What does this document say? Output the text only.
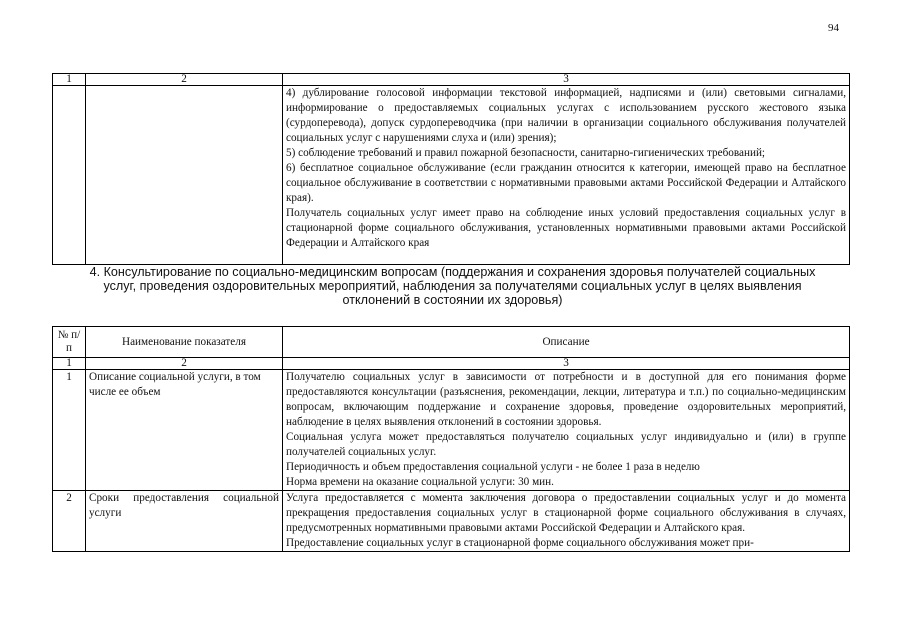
94
1	2	3

		4) дублирование голосовой информации текстовой информацией, надписями и (или) световыми сигналами, информирование о предоставляемых социальных услугах с использованием русского жестового языка (сурдоперевода), допуск сурдопереводчика (при наличии в организации социального обслуживания получателей социальных услуг с нарушениями слуха и (или) зрения);

5) соблюдение требований и правил пожарной безопасности, санитарно-гигиенических требований;

6) бесплатное социальное обслуживание (если гражданин относится к категории, имеющей право на бесплатное социальное обслуживание в соответствии с нормативными правовыми актами Российской Федерации и Алтайского края).

Получатель социальных услуг имеет право на соблюдение иных условий предоставления социальных услуг в стационарной форме социального обслуживания, установленных нормативными правовыми актами Российской Федерации и Алтайского края

4. Консультирование по социально-медицинским вопросам (поддержания и сохранения здоровья получателей социальных услуг, проведения оздоровительных мероприятий, наблюдения за получателями социальных услуг в целях выявления отклонений в состоянии их здоровья)
№ п/п	Наименование показателя	Описание
1	2	3
1	Описание социальной услуги, в том числе ее объем	Получателю социальных услуг в зависимости от потребности и в доступной для его понимания форме предоставляются консультации (разъяснения, рекомендации, лекции, литература и т.п.) по социально-медицинским вопросам, включающим поддержание и сохранение здоровья, проведение оздоровительных мероприятий, наблюдение в целях выявления отклонений в состоянии здоровья.

Социальная услуга может предоставляться получателю социальных услуг индивидуально и (или) в группе получателей социальных услуг.

Периодичность и объем предоставления социальной услуги - не более 1 раза в неделю

Норма времени на оказание социальной услуги: 30 мин.

2	Сроки предоставления социальной услуги	Услуга предоставляется с момента заключения договора о предоставлении социальных услуг и до момента прекращения предоставления социальных услуг в стационарной форме социального обслуживания в случаях, предусмотренных нормативными правовыми актами Российской Федерации и Алтайского края.

Предоставление социальных услуг в стационарной форме социального обслуживания может при-
